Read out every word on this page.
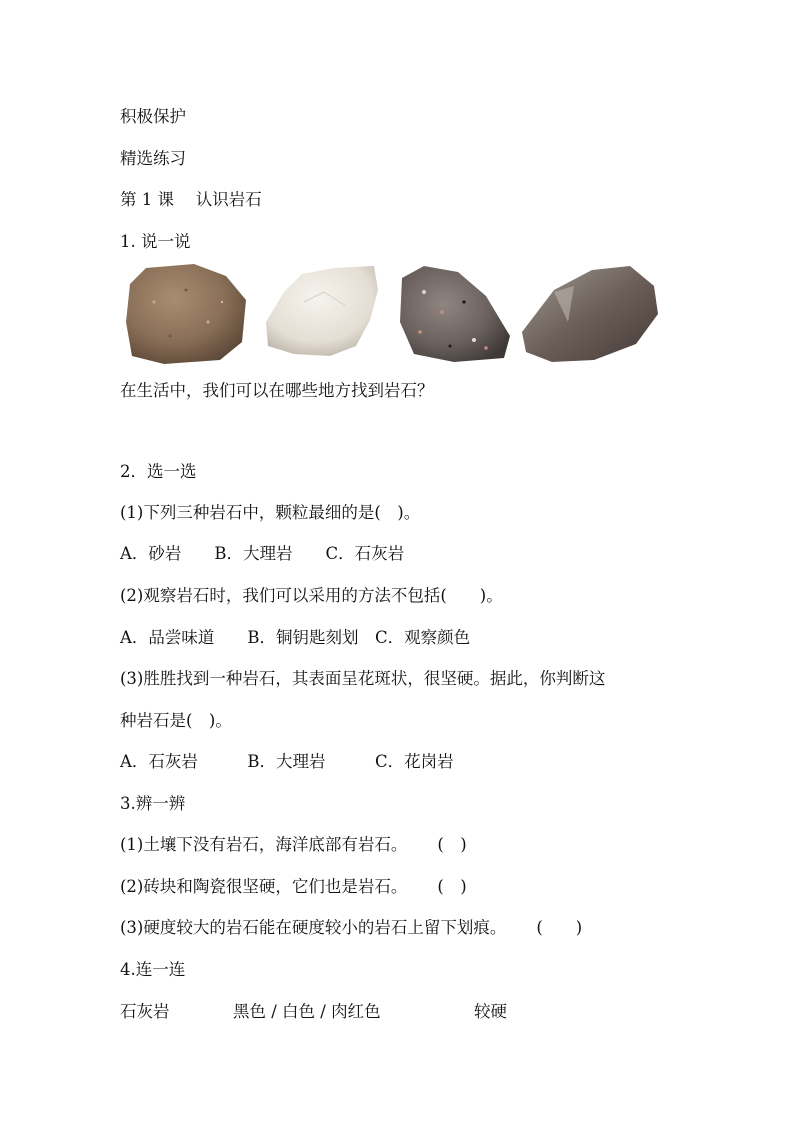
积极保护
精选练习
第 1 课　 认识岩石
1. 说一说
在生活中，我们可以在哪些地方找到岩石？
2．选一选
(1)下列三种岩石中，颗粒最细的是(　)。
A．砂岩　　B．大理岩　　C．石灰岩
(2)观察岩石时，我们可以采用的方法不包括(　　)。
A．品尝味道　　B．铜钥匙刻划　C．观察颜色
(3)胜胜找到一种岩石，其表面呈花斑状，很坚硬。据此，你判断这
种岩石是(　)。
A．石灰岩　　　B．大理岩　　　C．花岗岩
3.辨一辨
(1)土壤下没有岩石，海洋底部有岩石。　　 (　)
(2)砖块和陶瓷很坚硬，它们也是岩石。　　 (　)
(3)硬度较大的岩石能在硬度较小的岩石上留下划痕。　　 (　　)
4.连一连
石灰岩	黑色 / 白色 / 肉红色	较硬
